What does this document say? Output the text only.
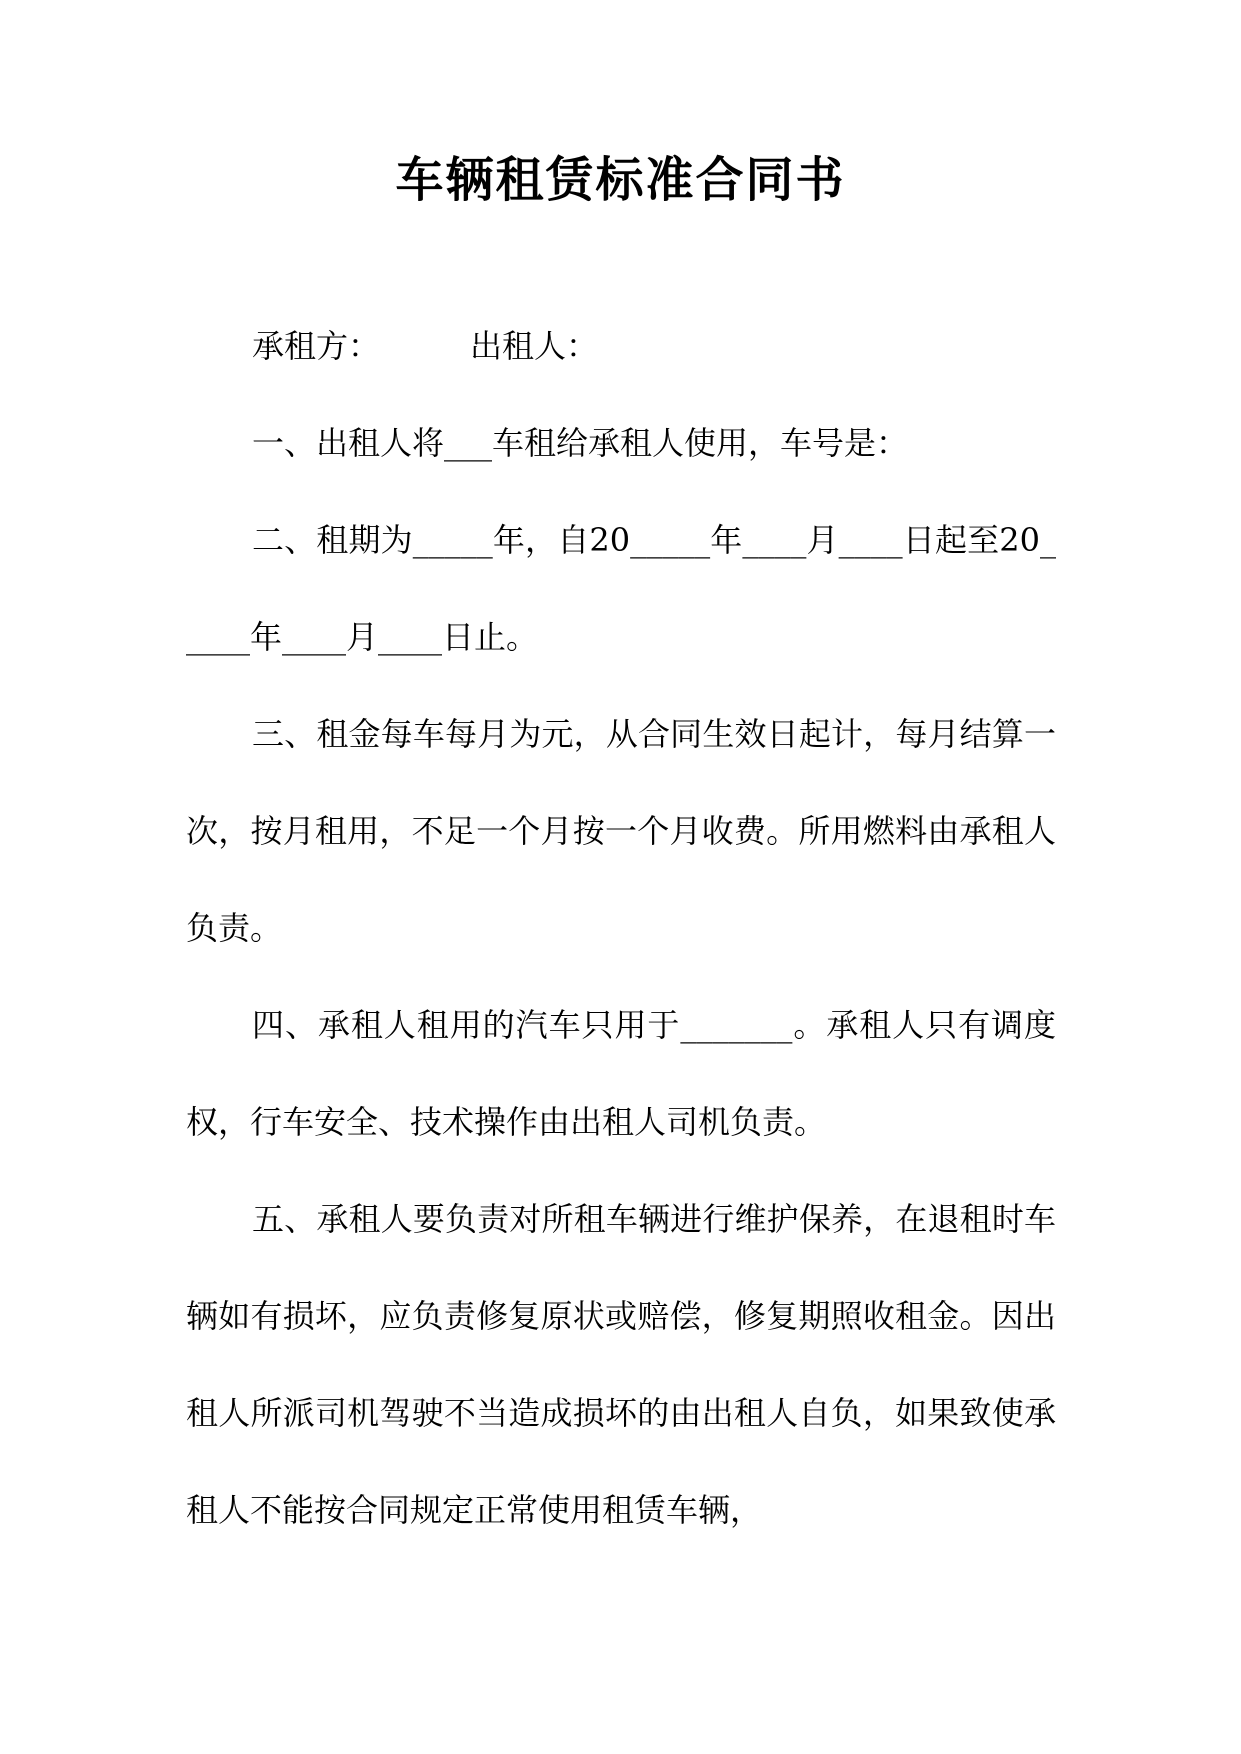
车辆租赁标准合同书

承租方：	出租人：

一、出租人将___车租给承租人使用，车号是：

二、租期为_____年，自20_____年____月____日起至20_____年____月____日止。

三、租金每车每月为元，从合同生效日起计，每月结算一次，按月租用，不足一个月按一个月收费。所用燃料由承租人负责。

四、承租人租用的汽车只用于_______。承租人只有调度权，行车安全、技术操作由出租人司机负责。

五、承租人要负责对所租车辆进行维护保养，在退租时车辆如有损坏，应负责修复原状或赔偿，修复期照收租金。因出租人所派司机驾驶不当造成损坏的由出租人自负，如果致使承租人不能按合同规定正常使用租赁车辆，
